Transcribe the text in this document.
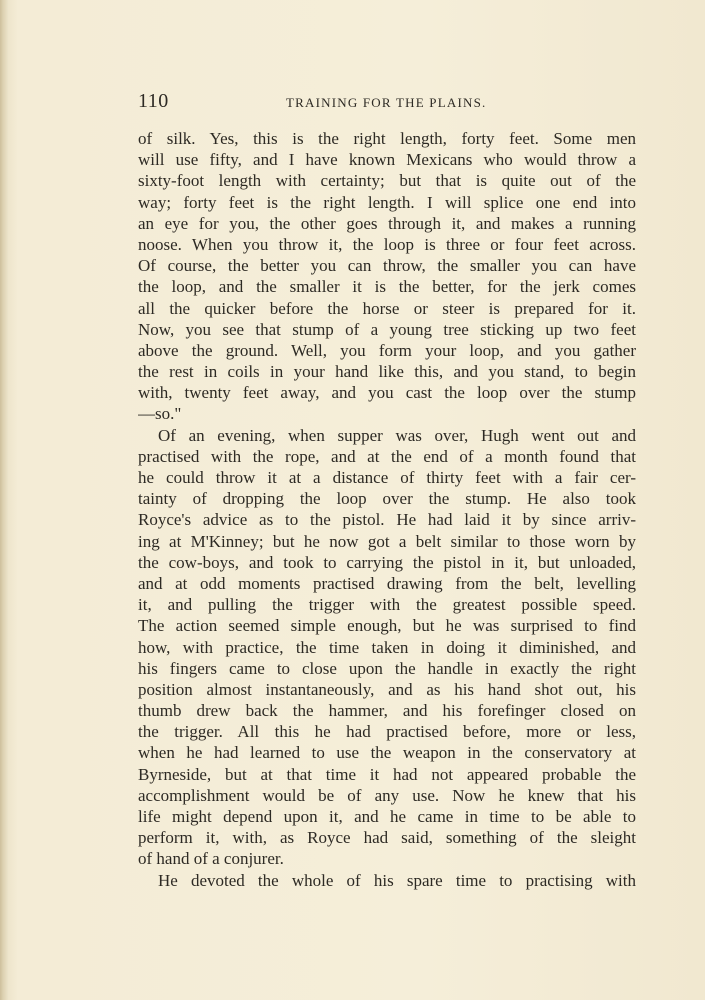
110	TRAINING FOR THE PLAINS.
of silk. Yes, this is the right length, forty feet. Some men
will use fifty, and I have known Mexicans who would throw a
sixty-foot length with certainty; but that is quite out of the
way; forty feet is the right length. I will splice one end into
an eye for you, the other goes through it, and makes a running
noose. When you throw it, the loop is three or four feet across.
Of course, the better you can throw, the smaller you can have
the loop, and the smaller it is the better, for the jerk comes
all the quicker before the horse or steer is prepared for it.
Now, you see that stump of a young tree sticking up two feet
above the ground. Well, you form your loop, and you gather
the rest in coils in your hand like this, and you stand, to begin
with, twenty feet away, and you cast the loop over the stump
—so."
Of an evening, when supper was over, Hugh went out and
practised with the rope, and at the end of a month found that
he could throw it at a distance of thirty feet with a fair cer-
tainty of dropping the loop over the stump. He also took
Royce's advice as to the pistol. He had laid it by since arriv-
ing at M'Kinney; but he now got a belt similar to those worn by
the cow-boys, and took to carrying the pistol in it, but unloaded,
and at odd moments practised drawing from the belt, levelling
it, and pulling the trigger with the greatest possible speed.
The action seemed simple enough, but he was surprised to find
how, with practice, the time taken in doing it diminished, and
his fingers came to close upon the handle in exactly the right
position almost instantaneously, and as his hand shot out, his
thumb drew back the hammer, and his forefinger closed on
the trigger. All this he had practised before, more or less,
when he had learned to use the weapon in the conservatory at
Byrneside, but at that time it had not appeared probable the
accomplishment would be of any use. Now he knew that his
life might depend upon it, and he came in time to be able to
perform it, with, as Royce had said, something of the sleight
of hand of a conjurer.
He devoted the whole of his spare time to practising with
